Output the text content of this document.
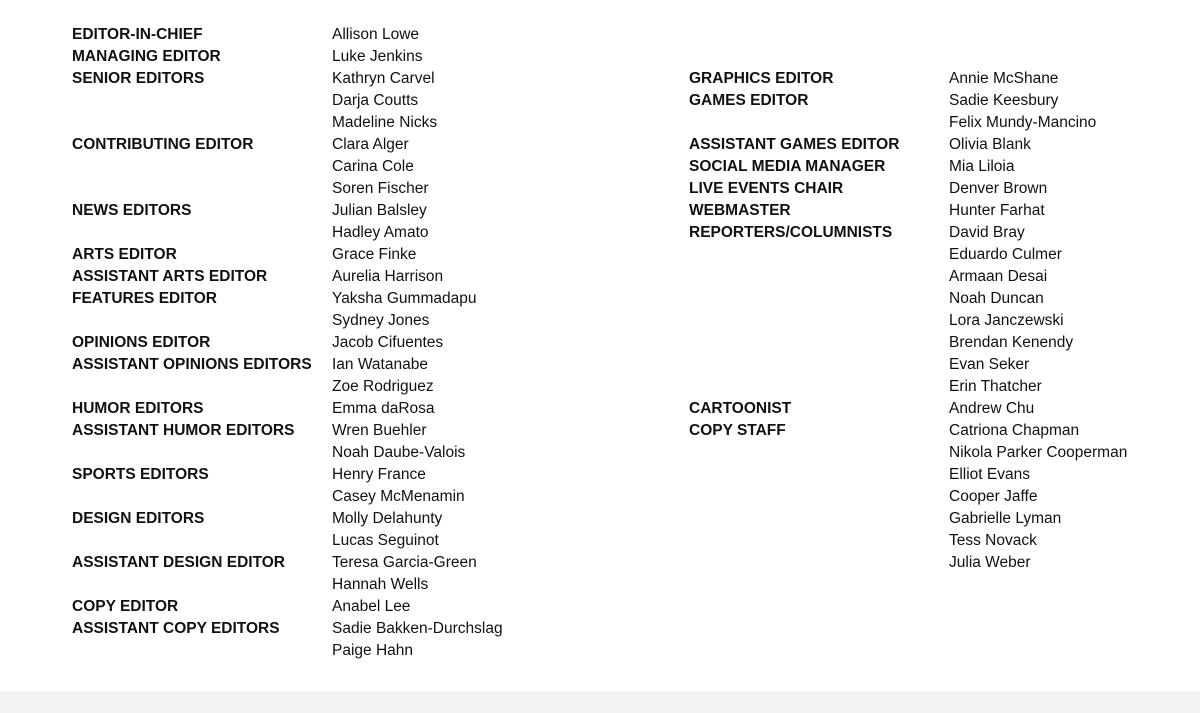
EDITOR-IN-CHIEF	Allison Lowe
MANAGING EDITOR	Luke Jenkins
SENIOR EDITORS	Kathryn Carvel
Darja Coutts
Madeline Nicks
CONTRIBUTING EDITOR	Clara Alger
Carina Cole
Soren Fischer
NEWS EDITORS	Julian Balsley
Hadley Amato
ARTS EDITOR	Grace Finke
ASSISTANT ARTS EDITOR	Aurelia Harrison
FEATURES EDITOR	Yaksha Gummadapu
Sydney Jones
OPINIONS EDITOR	Jacob Cifuentes
ASSISTANT OPINIONS EDITORS Ian Watanabe
Zoe Rodriguez
HUMOR EDITORS	Emma daRosa
ASSISTANT HUMOR EDITORS Wren Buehler
Noah Daube-Valois
SPORTS EDITORS	Henry France
Casey McMenamin
DESIGN EDITORS	Molly Delahunty
Lucas Seguinot
ASSISTANT DESIGN EDITOR	Teresa Garcia-Green
Hannah Wells
COPY EDITOR	Anabel Lee
ASSISTANT COPY EDITORS	Sadie Bakken-Durchslag
Paige Hahn
GRAPHICS EDITOR	Annie McShane
GAMES EDITOR	Sadie Keesbury
Felix Mundy-Mancino
ASSISTANT GAMES EDITOR	Olivia Blank
SOCIAL MEDIA MANAGER	Mia Liloia
LIVE EVENTS CHAIR	Denver Brown
WEBMASTER	Hunter Farhat
REPORTERS/COLUMNISTS	David Bray
Eduardo Culmer
Armaan Desai
Noah Duncan
Lora Janczewski
Brendan Kenendy
Evan Seker
Erin Thatcher
CARTOONIST	Andrew Chu
COPY STAFF	Catriona Chapman
Nikola Parker Cooperman
Elliot Evans
Cooper Jaffe
Gabrielle Lyman
Tess Novack
Julia Weber
